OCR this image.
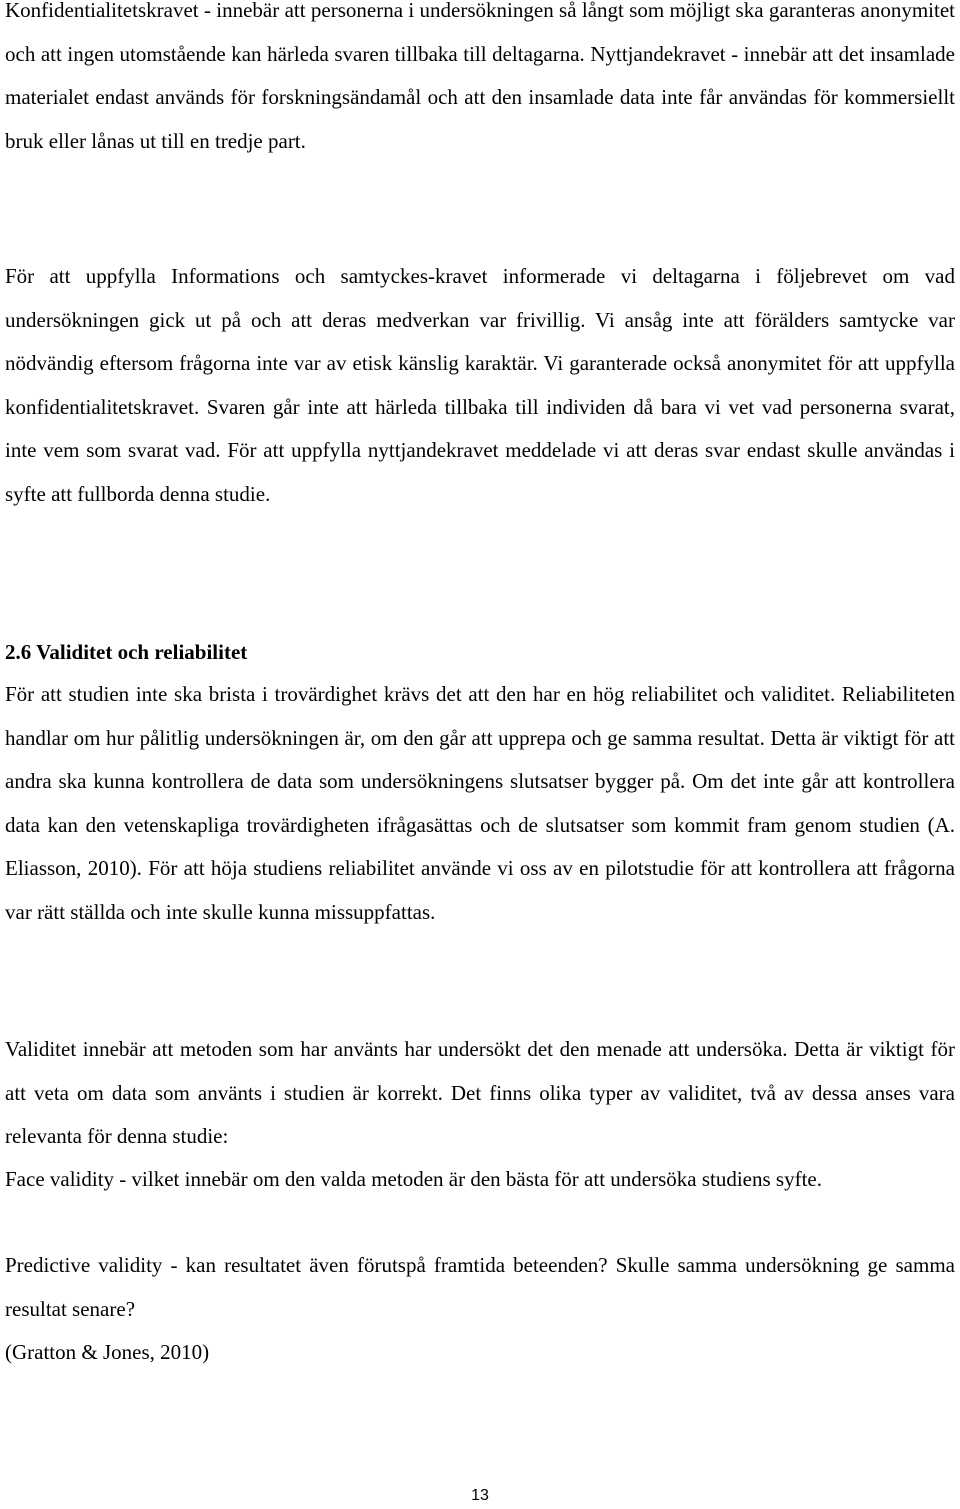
Konfidentialitetskravet - innebär att personerna i undersökningen så långt som möjligt ska garanteras anonymitet och att ingen utomstående kan härleda svaren tillbaka till deltagarna. Nyttjandekravet - innebär att det insamlade materialet endast används för forskningsändamål och att den insamlade data inte får användas för kommersiellt bruk eller lånas ut till en tredje part.

För att uppfylla Informations och samtyckes-kravet informerade vi deltagarna i följebrevet om vad undersökningen gick ut på och att deras medverkan var frivillig. Vi ansåg inte att förälders samtycke var nödvändig eftersom frågorna inte var av etisk känslig karaktär. Vi garanterade också anonymitet för att uppfylla konfidentialitetskravet. Svaren går inte att härleda tillbaka till individen då bara vi vet vad personerna svarat, inte vem som svarat vad. För att uppfylla nyttjandekravet meddelade vi att deras svar endast skulle användas i syfte att fullborda denna studie.

2.6 Validitet och reliabilitet

För att studien inte ska brista i trovärdighet krävs det att den har en hög reliabilitet och validitet. Reliabiliteten handlar om hur pålitlig undersökningen är, om den går att upprepa och ge samma resultat. Detta är viktigt för att andra ska kunna kontrollera de data som undersökningens slutsatser bygger på. Om det inte går att kontrollera data kan den vetenskapliga trovärdigheten ifrågasättas och de slutsatser som kommit fram genom studien (A. Eliasson, 2010). För att höja studiens reliabilitet använde vi oss av en pilotstudie för att kontrollera att frågorna var rätt ställda och inte skulle kunna missuppfattas.

Validitet innebär att metoden som har använts har undersökt det den menade att undersöka. Detta är viktigt för att veta om data som använts i studien är korrekt. Det finns olika typer av validitet, två av dessa anses vara relevanta för denna studie:

Face validity - vilket innebär om den valda metoden är den bästa för att undersöka studiens syfte.

Predictive validity - kan resultatet även förutspå framtida beteenden? Skulle samma undersökning ge samma resultat senare?

(Gratton & Jones, 2010)

13
